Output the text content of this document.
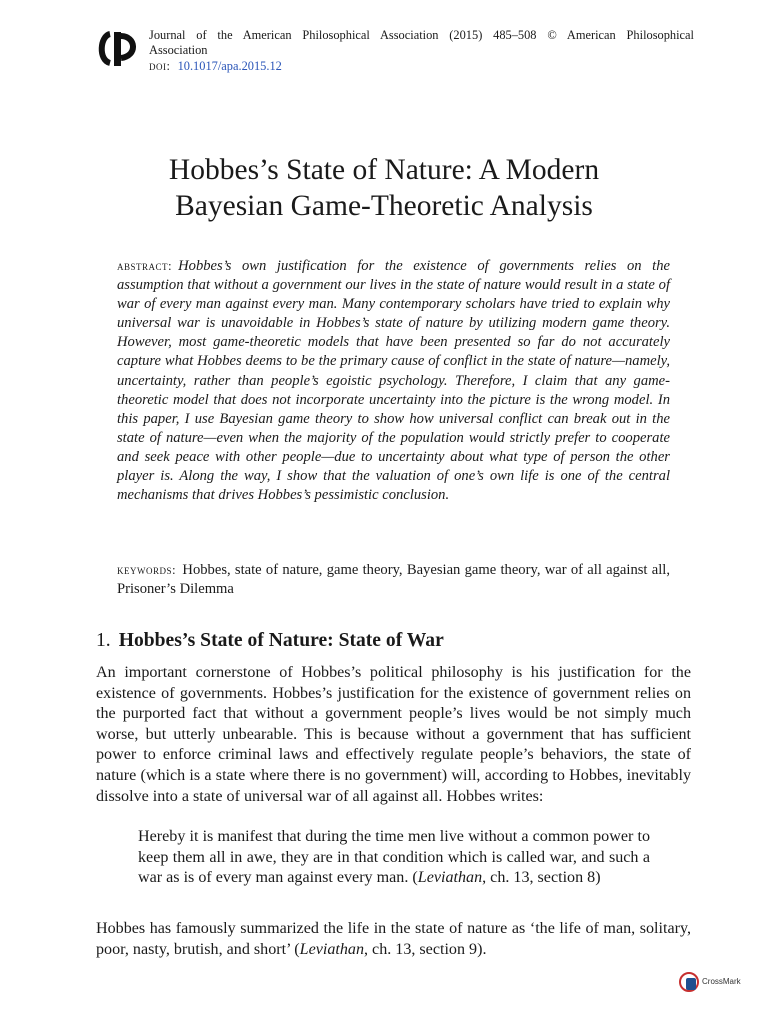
Journal of the American Philosophical Association (2015) 485–508 © American Philosophical
Association
doi: 10.1017/apa.2015.12
Hobbes’s State of Nature: A Modern
Bayesian Game-Theoretic Analysis
abstract: Hobbes’s own justification for the existence of governments relies on the assumption that without a government our lives in the state of nature would result in a state of war of every man against every man. Many contemporary scholars have tried to explain why universal war is unavoidable in Hobbes’s state of nature by utilizing modern game theory. However, most game-theoretic models that have been presented so far do not accurately capture what Hobbes deems to be the primary cause of conflict in the state of nature—namely, uncertainty, rather than people’s egoistic psychology. Therefore, I claim that any game-theoretic model that does not incorporate uncertainty into the picture is the wrong model. In this paper, I use Bayesian game theory to show how universal conflict can break out in the state of nature—even when the majority of the population would strictly prefer to cooperate and seek peace with other people—due to uncertainty about what type of person the other player is. Along the way, I show that the valuation of one’s own life is one of the central mechanisms that drives Hobbes’s pessimistic conclusion.
keywords: Hobbes, state of nature, game theory, Bayesian game theory, war of all against all, Prisoner’s Dilemma
1. Hobbes’s State of Nature: State of War
An important cornerstone of Hobbes’s political philosophy is his justification for the existence of governments. Hobbes’s justification for the existence of government relies on the purported fact that without a government people’s lives would be not simply much worse, but utterly unbearable. This is because without a government that has sufficient power to enforce criminal laws and effectively regulate people’s behaviors, the state of nature (which is a state where there is no government) will, according to Hobbes, inevitably dissolve into a state of universal war of all against all. Hobbes writes:
Hereby it is manifest that during the time men live without a common power to keep them all in awe, they are in that condition which is called war, and such a war as is of every man against every man. (Leviathan, ch. 13, section 8)
Hobbes has famously summarized the life in the state of nature as ‘the life of man, solitary, poor, nasty, brutish, and short’ (Leviathan, ch. 13, section 9).
CrossMark
